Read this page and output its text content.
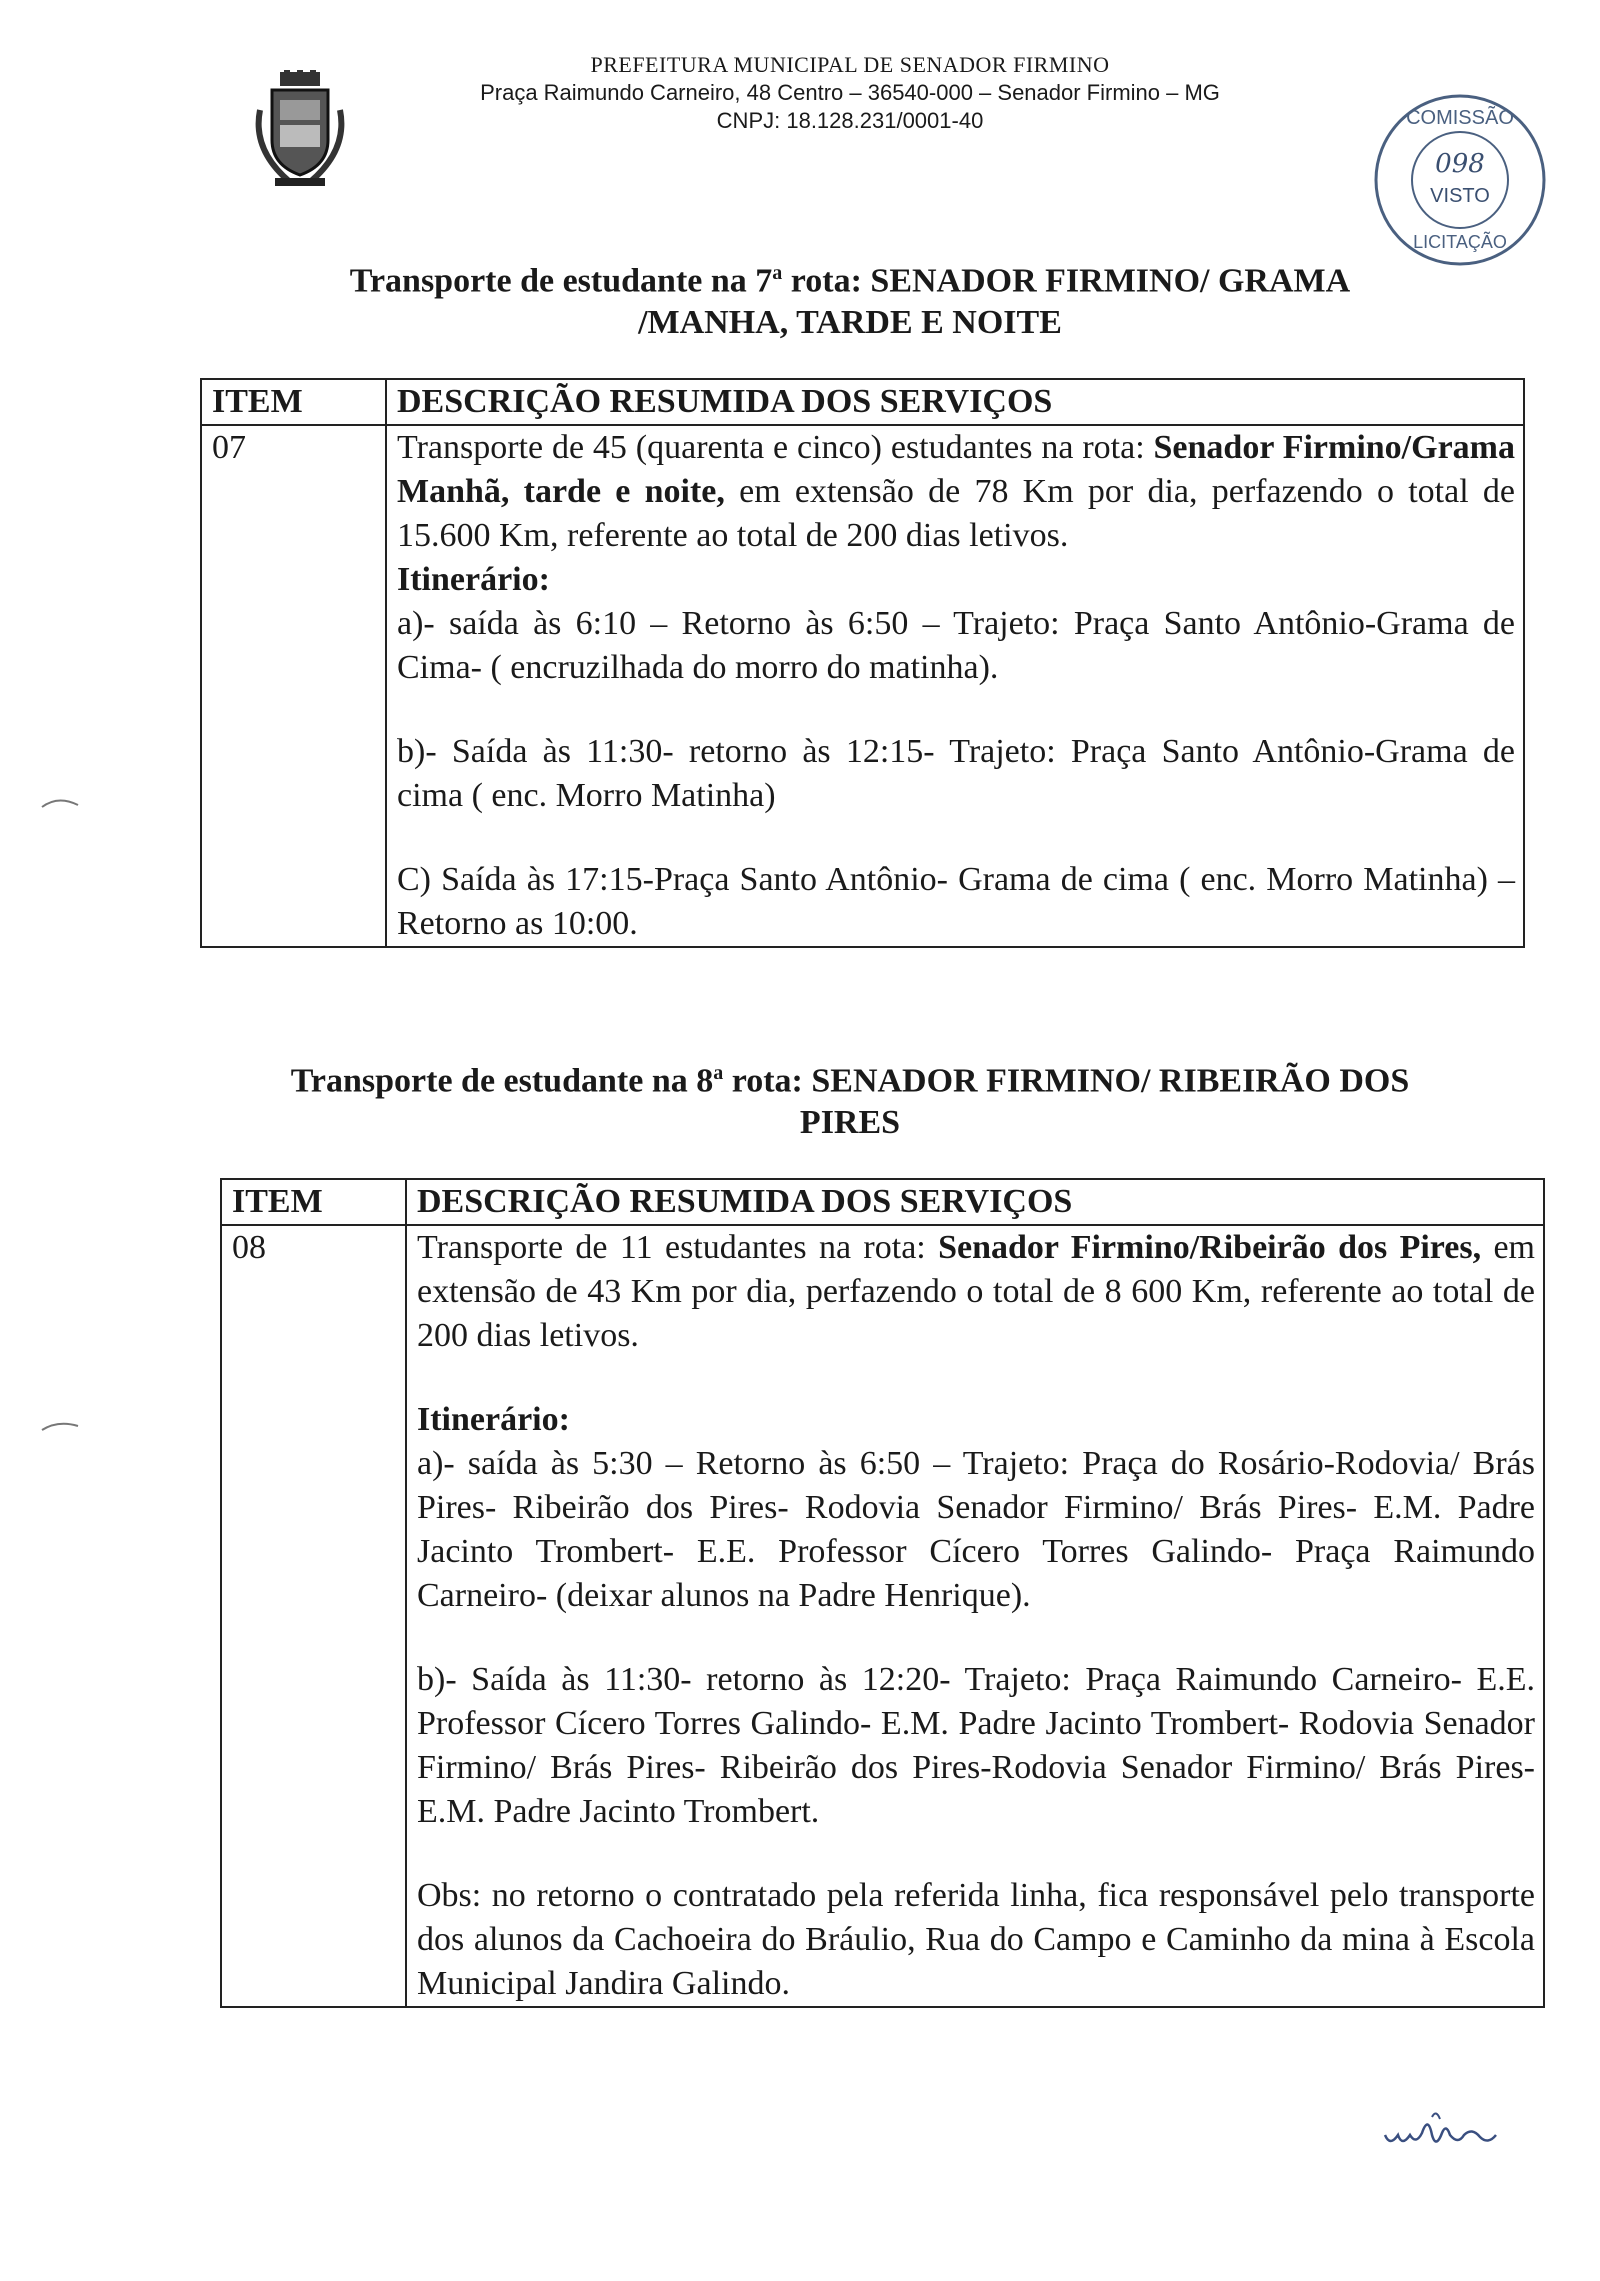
PREFEITURA MUNICIPAL DE SENADOR FIRMINO
Praça Raimundo Carneiro, 48 Centro – 36540-000 – Senador Firmino – MG
CNPJ: 18.128.231/0001-40	COMISSÃO
098
VISTO
LICITAÇÃO
Transporte de estudante na 7$^a$ rota: SENADOR FIRMINO/ GRAMA
/MANHA, TARDE E NOITE
ITEM	DESCRIÇÃO RESUMIDA DOS SERVIÇOS
07	Transporte de 45 (quarenta e cinco) estudantes na rota: Senador Firmino/Grama Manhã, tarde e noite, em extensão de 78 Km por dia, perfazendo o total de 15.600 Km, referente ao total de 200 dias letivos.

Itinerário:

a)- saída às 6:10 – Retorno às 6:50 – Trajeto: Praça Santo Antônio-Grama de Cima- ( encruzilhada do morro do matinha).

b)- Saída às 11:30- retorno às 12:15- Trajeto: Praça Santo Antônio-Grama de cima ( enc. Morro Matinha)

C) Saída às 17:15-Praça Santo Antônio- Grama de cima ( enc. Morro Matinha) – Retorno as 10:00.

Transporte de estudante na 8$^a$ rota: SENADOR FIRMINO/ RIBEIRÃO DOS
PIRES
ITEM	DESCRIÇÃO RESUMIDA DOS SERVIÇOS
08	Transporte de 11 estudantes na rota: Senador Firmino/Ribeirão dos Pires, em extensão de 43 Km por dia, perfazendo o total de 8 600 Km, referente ao total de 200 dias letivos.

Itinerário:

a)- saída às 5:30 – Retorno às 6:50 – Trajeto: Praça do Rosário-Rodovia/ Brás Pires- Ribeirão dos Pires- Rodovia Senador Firmino/ Brás Pires- E.M. Padre Jacinto Trombert- E.E. Professor Cícero Torres Galindo- Praça Raimundo Carneiro- (deixar alunos na Padre Henrique).

b)- Saída às 11:30- retorno às 12:20- Trajeto: Praça Raimundo Carneiro- E.E. Professor Cícero Torres Galindo- E.M. Padre Jacinto Trombert- Rodovia Senador Firmino/ Brás Pires- Ribeirão dos Pires-Rodovia Senador Firmino/ Brás Pires- E.M. Padre Jacinto Trombert.

Obs: no retorno o contratado pela referida linha, fica responsável pelo transporte dos alunos da Cachoeira do Bráulio, Rua do Campo e Caminho da mina à Escola Municipal Jandira Galindo.
